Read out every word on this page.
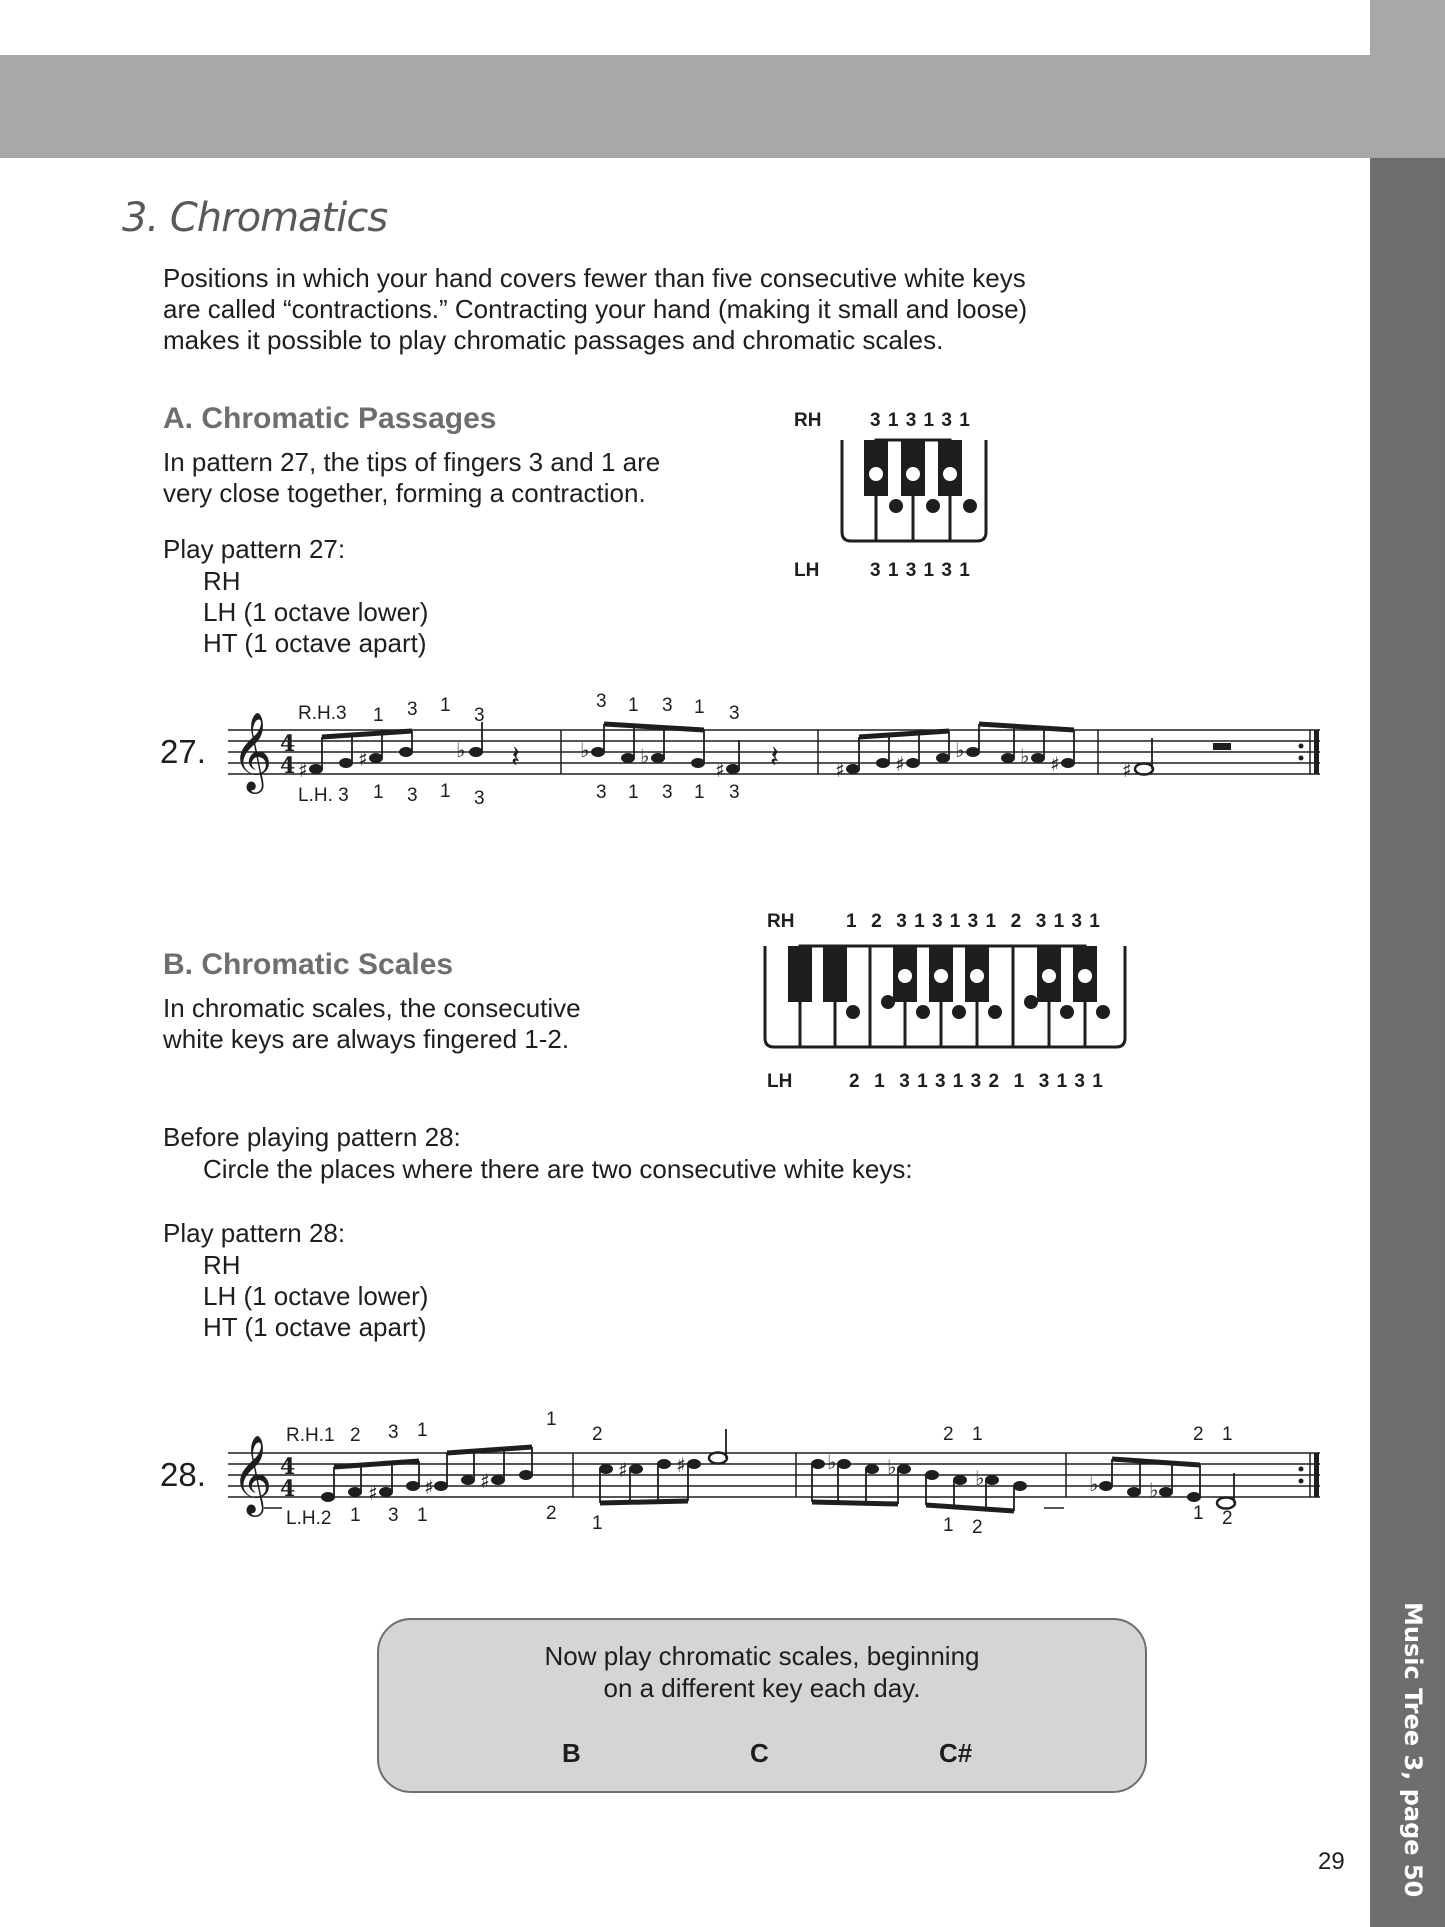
Music Tree 3, page 50
29
3. Chromatics

Positions in which your hand covers fewer than five consecutive white keys
are called “contractions.” Contracting your hand (making it small and loose)
makes it possible to play chromatic passages and chromatic scales.

A. Chromatic Passages

In pattern 27, the tips of fingers 3 and 1 are
very close together, forming a contraction.

Play pattern 27:

RH
LH (1 octave lower)
HT (1 octave apart)

RH	3 1 3 1 3 1
LH	3 1 3 1 3 1
27. 𝄞 4
4 ♯	♯	♭	♭	♭
♯	♯	♯
♭	♭ ♯	♯
𝄽	𝄽
R.H.3 1 3 1 3
3 1 3 1 3
L.H. 3 1 3 1 3	3 1 3 1 3
B. Chromatic Scales

In chromatic scales, the consecutive
white keys are always fingered 1-2.

RH	1  2  3 1 3 1 3 1  2  3 1 3 1
LH	2  1  3 1 3 1 3 2  1  3 1 3 1

Before playing pattern 28:

Circle the places where there are two consecutive white keys:

Play pattern 28:

RH
LH (1 octave lower)
HT (1 octave apart)

28. 𝄞 4
4	♯ ♯ ♯	♯ ♯	♭	♭	♭	♭	♭
R.H.1 2 3 1
1
2	2 1	2 1
L.H.2 1 3 1	2 1	1 2
1 2
Now play chromatic scales, beginning
on a different key each day.
B	C	C#
